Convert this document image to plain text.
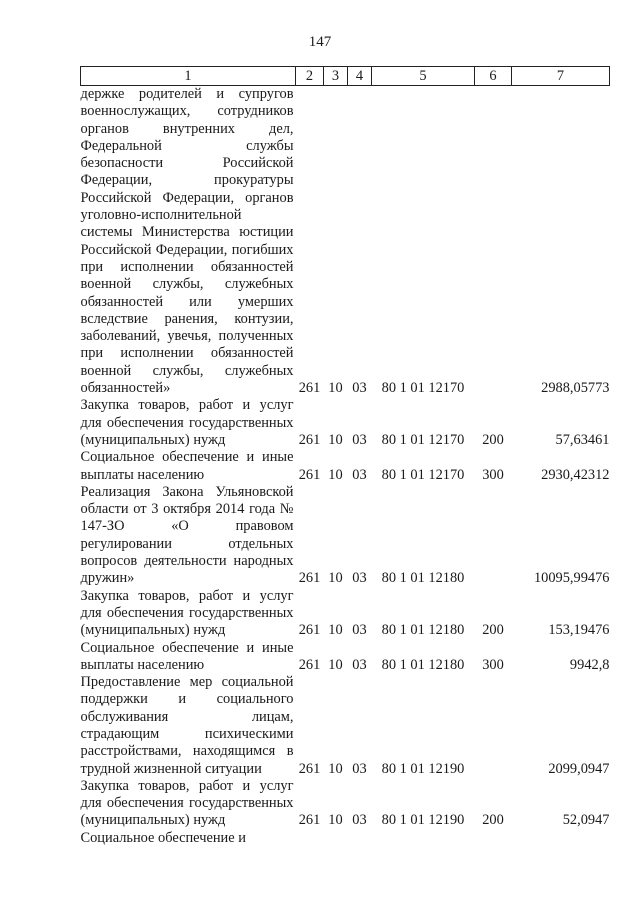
147
1	2	3	4	5	6	7
держке родителей и супругов военнослужащих, сотрудников органов внутренних дел, Федеральной службы безопасности Российской Федерации, прокуратуры Российской Федерации, органов уголовно-исполнительной системы Министерства юстиции Российской Федерации, погибших при исполнении обязанностей военной службы, служебных обязанностей или умерших вследствие ранения, контузии, заболеваний, увечья, полученных при исполнении обязанностей военной службы, служебных обязанностей»	261	10	03	80 1 01 12170		2988,05773
Закупка товаров, работ и услуг для обеспечения государственных (муниципальных) нужд	261	10	03	80 1 01 12170	200	57,63461
Социальное обеспечение и иные выплаты населению	261	10	03	80 1 01 12170	300	2930,42312
Реализация Закона Ульяновской области от 3 октября 2014 года № 147-ЗО «О правовом регулировании отдельных вопросов деятельности народных дружин»	261	10	03	80 1 01 12180		10095,99476
Закупка товаров, работ и услуг для обеспечения государственных (муниципальных) нужд	261	10	03	80 1 01 12180	200	153,19476
Социальное обеспечение и иные выплаты населению	261	10	03	80 1 01 12180	300	9942,8
Предоставление мер социальной поддержки и социального обслуживания лицам, страдающим психическими расстройствами, находящимся в трудной жизненной ситуации	261	10	03	80 1 01 12190		2099,0947
Закупка товаров, работ и услуг для обеспечения государственных (муниципальных) нужд	261	10	03	80 1 01 12190	200	52,0947
Социальное обеспечение и						
